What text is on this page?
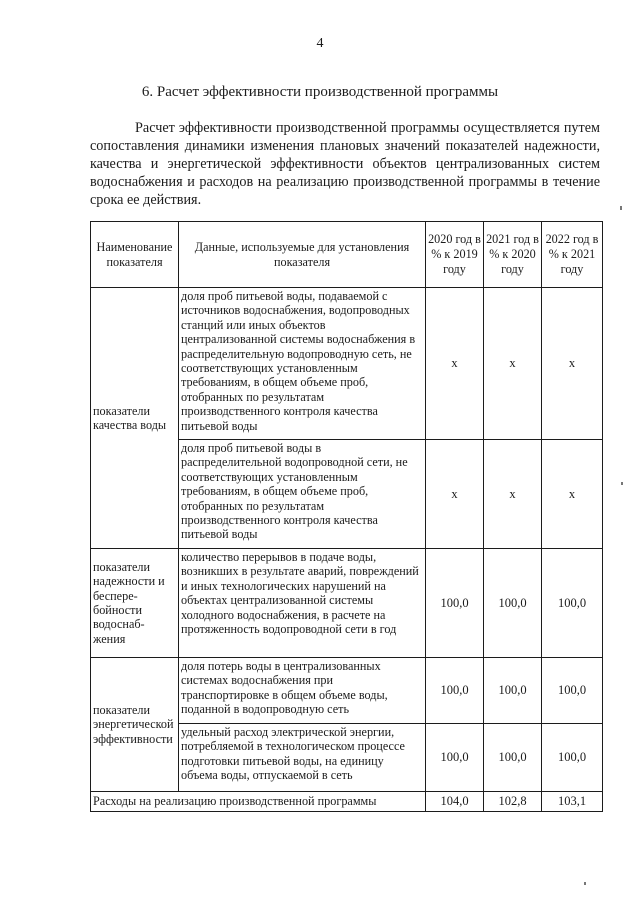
4
6. Расчет эффективности производственной программы

Расчет эффективности производственной программы осуществляется путем сопоставления динамики изменения плановых значений показателей надежности, качества и энергетической эффективности объектов централизованных систем водоснабжения и расходов на реализацию производственной программы в течение срока ее действия.

Наименование показателя	Данные, используемые для установления показателя	2020 год в % к 2019 году	2021 год в % к 2020 году	2022 год в % к 2021 году
показатели качества воды	доля проб питьевой воды, подаваемой с источников водоснабжения, водопроводных станций или иных объектов централизованной системы водоснабжения в распределительную водопроводную сеть, не соответствующих установленным требованиям, в общем объеме проб, отобранных по результатам производственного контроля качества питьевой воды	x	x	x
	доля проб питьевой воды в распределительной водопроводной сети, не соответствующих установленным требованиям, в общем объеме проб, отобранных по результатам производственного контроля качества питьевой воды	x	x	x
показатели надежности и беспере-бойности водоснаб-жения	количество перерывов в подаче воды, возникших в результате аварий, повреждений и иных технологических нарушений на объектах централизованной системы холодного водоснабжения, в расчете на протяженность водопроводной сети в год	100,0	100,0	100,0
показатели энергетической эффективности	доля потерь воды в централизованных системах водоснабжения при транспортировке в общем объеме воды, поданной в водопроводную сеть	100,0	100,0	100,0
	удельный расход электрической энергии, потребляемой в технологическом процессе подготовки питьевой воды, на единицу объема воды, отпускаемой в сеть	100,0	100,0	100,0
Расходы на реализацию производственной программы		104,0	102,8	103,1
